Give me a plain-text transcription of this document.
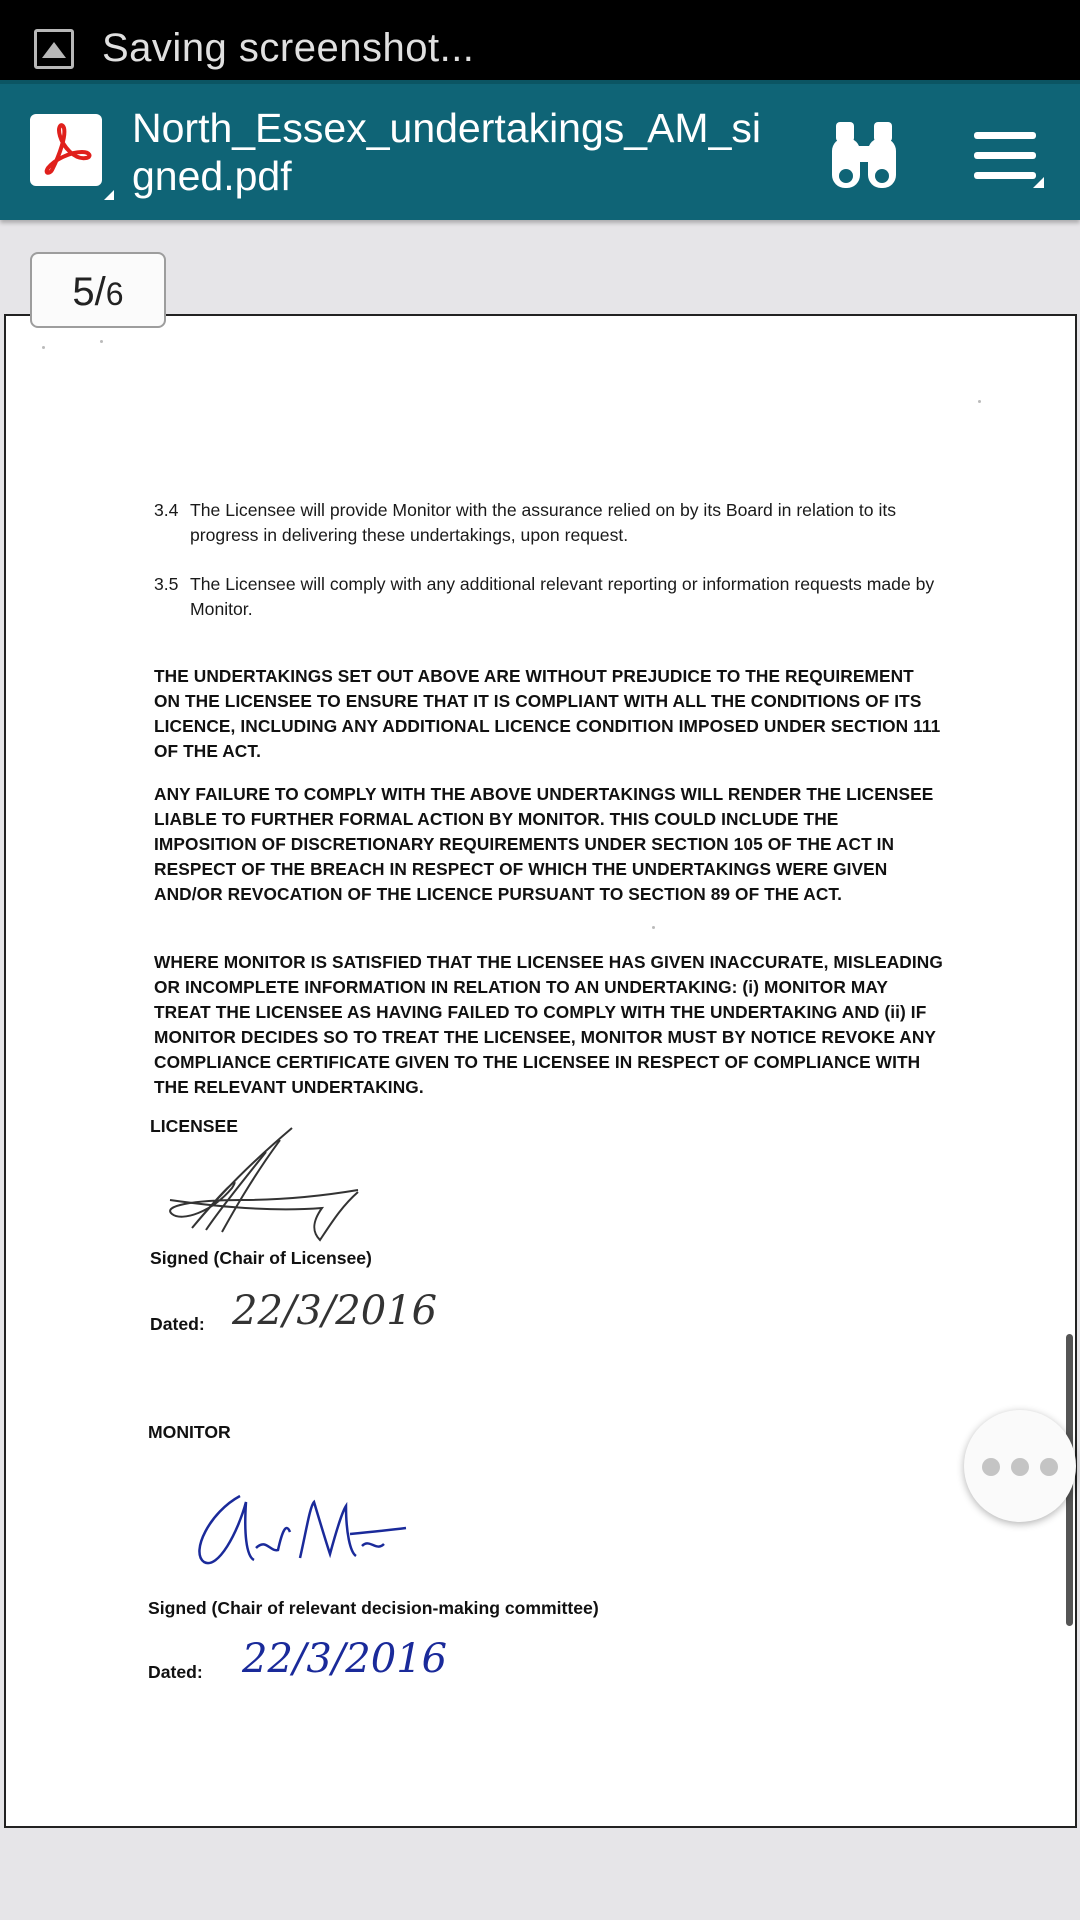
Saving screenshot...
North_Essex_undertakings_AM_signed.pdf
3.4 The Licensee will provide Monitor with the assurance relied on by its Board in relation to its progress in delivering these undertakings, upon request.
3.5 The Licensee will comply with any additional relevant reporting or information requests made by Monitor.
THE UNDERTAKINGS SET OUT ABOVE ARE WITHOUT PREJUDICE TO THE REQUIREMENT ON THE LICENSEE TO ENSURE THAT IT IS COMPLIANT WITH ALL THE CONDITIONS OF ITS LICENCE, INCLUDING ANY ADDITIONAL LICENCE CONDITION IMPOSED UNDER SECTION 111 OF THE ACT.
ANY FAILURE TO COMPLY WITH THE ABOVE UNDERTAKINGS WILL RENDER THE LICENSEE LIABLE TO FURTHER FORMAL ACTION BY MONITOR. THIS COULD INCLUDE THE IMPOSITION OF DISCRETIONARY REQUIREMENTS UNDER SECTION 105 OF THE ACT IN RESPECT OF THE BREACH IN RESPECT OF WHICH THE UNDERTAKINGS WERE GIVEN AND/OR REVOCATION OF THE LICENCE PURSUANT TO SECTION 89 OF THE ACT.
WHERE MONITOR IS SATISFIED THAT THE LICENSEE HAS GIVEN INACCURATE, MISLEADING OR INCOMPLETE INFORMATION IN RELATION TO AN UNDERTAKING: (i) MONITOR MAY TREAT THE LICENSEE AS HAVING FAILED TO COMPLY WITH THE UNDERTAKING AND (ii) IF MONITOR DECIDES SO TO TREAT THE LICENSEE, MONITOR MUST BY NOTICE REVOKE ANY COMPLIANCE CERTIFICATE GIVEN TO THE LICENSEE IN RESPECT OF COMPLIANCE WITH THE RELEVANT UNDERTAKING.
LICENSEE
Signed (Chair of Licensee)
Dated: 22/3/2016
MONITOR
Signed (Chair of relevant decision-making committee)
Dated: 22/3/2016
5/6
